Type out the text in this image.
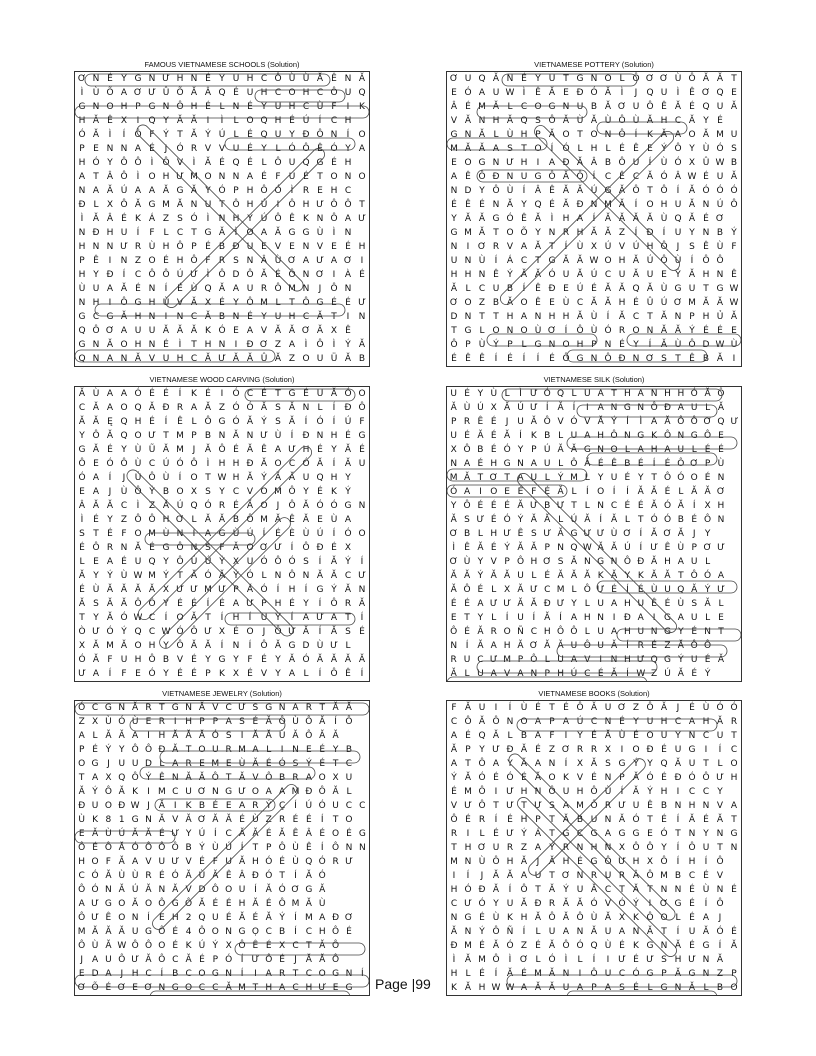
FAMOUS VIETNAMESE SCHOOLS (Solution)
Ơ N É Y G N Ư H N É Y U H C Ô Ù Ù Ă Ê N Ă
Ì	Ù Õ A Ơ Ư Û Õ Ă Â Q É U H C O H C Ô U Q
G N O H P G N Ô H É L N É Y U H C Ù F	I	K
H Ă Ê X	I	Q Y Ă Ă	I	Ì	L O Q H É Ú	Í	C H
Ó Ă	Ì	Í	Ô F Ý T Ă Ý Ú L É Q U Y Đ Ô N	Í	O
P E N N A É	J	Ó R V V U É Y L Ó Ô Ê Ó Y A
H Ó Y Ô Ô	Ì	Ô V	Ì	Ă É Q É L Ô U Q G É H
A T Â Ô	Ì	O H Ư M O N N A É F U É T O N O
N A Ă Ú A A Ă G Ă Y Ó P H Ô Ó	Ì	R E H C
Đ L X Ô Ă G M Ă N U T Ô H Ú	I	Ô H Ư Ô Ô T
Ì	Ă Â É K Á Z S Ó	Ì	N H Y Ú Ô Ê K N Ô A Ư
N Đ H U	Í	F L C T G Ă	Ì	O A Ă G G Ù	Ì	N
H N N Ư R Ù H Ô P É B Đ U E V E N V E É H
P Ê	I	N Z O É H Ô F R S N Â Ù Ơ A Ư A Ơ I
H Y Đ	Í	C Ô Ô Ú Ư Ì	Ô D Ô Ă É Ô N Ơ I	À É
Ù U A Ă É N	Í	É Ù Q Ă A U R Ô M N	J	Ô N
N H	I	Ô G H Ù V Ă X É Y Ô M L T Ô G É É Ư
G C G Ă H N	I	N C Ă B N É Y U H C Ă T	I	N
Q Ô Ơ A U U Ă Ă Ă K Ó E A V Ă Ă Ơ Ă X Ê
G N Ă O H N É	Ì	T H N	I	Đ Ơ Z A	Ì	Ô	Ì	Ý Ă
Q N A N Ă V U H C Ă Ư Ă Ă Û Ă Z O U Ü Ă B
VIETNAMESE POTTERY (Solution)
Ơ U Q Ă N É Y U T G N O L Ô Ơ Ơ Ù Ô Ă Ă T
E Ó A U W Ì	Ê Ă E Đ Ó Ă	Ì	J	Q U	Ì	Ê Ơ Q E
Â É M Ă L C O G N U B Ă Ơ U Ô Ê Ă É Q U Ă
V Ă N H Ă Q S Ô Ă Ù Ă Ù Ô Ù Ă H C Ă Y É
G N Ă L Ù H P Ă O T O N Ô	Í	K Ă A O Ă M U
M Ă Ă A S T O	Í	Ó L H L É Ê E Ý Ô Y Ù Ó S
E O G N Ư H	I	A Đ Ă Â B Ô U	Í	Ù Ó X Û W B
A Ê Ô Đ N U G Ô Ă Ô	Í	C Ê C Ă Ó Â W É U Ă
N D Y Ô Ù	Í	Â Ê Ă Ă Ú G Ă Ô T Ô	Í	Ă Ó Ó Ó
É Ê É N Ă Y Q É Ă Đ N M Ă	Í	O H U Ă N Ú Ô
Y Ă Ă G Ó Ê Ă	Ì	H A	Í	Ă Ă Ă Ă Ù Q Ă É Ơ
G M Ă T O Õ Y N R H Ă Ă Z	Í	Đ	Í	U Y N B Ý
N	I Ơ R V A Ă T	Í	Ù X Ú V Ú H Ô	J	S Ê Ù F
U N Ù	Í	Á C T G Ă Ă W O H Ă Ú Ô Ù	Í	Ô Ô
H H N Ê Ý Ă Ă Ó U Ă Ú C U Ă U E Ý Ă H N Ê
Ă L C U B	Í	Ê Đ E Ú É Ă Ă Q Ă Ù G U T G W
Ơ O Z B Ă O Ê E Ù C Ă Ă H É Û Ú Ơ M Ă Ă W
D N T T H A N H H Ă Ù	Í	Ă C T Ă N P H Ủ Ă
T G L O N O Ù Ơ Í	Ô Ù Ó R O N Ă Ă Ý É É E
Ô P Ù Ý P L G N O H P N É Y	Í	Ă Ù Ô D W Ù
É Ê Ê	Í	É	Í	Í	É Ô G N Ô Đ N Ơ S T Ê B Ă	I
VIETNAMESE WOOD CARVING (Solution)
Ă Ù A A Ó É É	Í	K É	I	Ó C É T G É U Ă Ó O
C Ă A O Q Ă Đ R A Ă Z Ó Ó Ă S Ă N L	Í	Đ Ô
Ă Ă Ę Q H É	Í	Ê L Ô G Ó Ă Ý S Ă	Í	Ó	Í	Ú F
Y Ô Ă Q O Ư T M P B N Ă N Ư Ù	Í	Đ N H É G
G Ă É Y Ù Ũ Ă M J	Ă Ô É Ă Ê A Ư H É Y Ă É
Ô E Ó Ô Ù C Ú Ó Ô	Ì	H H Đ Ă O C Ó Ă	Í	Ă U
Ó A	Í	J	Ú Ô Ù	Í	O T W H Ă Ý Ă Ă U Q H Y
E A	J	Ù Ô Ý B O X S Y C V O M Ô Y É K Ý
Â Ă Ă C	Ì	Z Ă Ú Q Ó R É Ă O	J	Ô Ă Ó Ó G N
Ì	É Y Z Ô Ô H Ơ L Ă Ă B Ô M Ă Ê Ă E Ù A
S T É F O M Ù N	Ì	A G Ù Ú	Í	É È Ù Ú	Í	Ó O
É Ô R N Ă É G Ô N S F Ă O Ơ Ư Í	Ô Đ É X
L E A É U Q Y Ô Ú Ú Ý X U Ó Ô Ó S	Í	Ă Ý	Í
Ă Y Ý Ù W M Ý T Ă Ó Ă Ý Ó L N Ô N Ă Ă C Ư
É Ù Ă Ă Ă Ă X Ư Ư M Ư P Ă Ó	Í	H	Í	G Ý Ă N
Ă S Ă Ă Ô Ô Y É É	Í	É A Ư P H É Y	Í	Ô R Ă
T Y Ă Ó W C	Í	O Ă T	Í	H	Í	U Y	Í	A Ư A T	Í
Ò Ư Ó Ý Q C W Ó Ô Ư X É O	J	Ô Ư Ă	Í	Ă S É
X Ă M Ă O H Y Ô Ă Ă	Í	N	Í	Ô Ă G D Ù Ư L
Ó Ă F U H Ô B V É Y G Y F É Y Ă Ó Ă Ă Ă Ă
Ư A	Í	F E Ó Y É É P K X É V Y A L	Í	Ô Ê	Í
VIETNAMESE SILK (Solution)
U É Y Ù L	Ì Ư Ó Q L U A T H A N H H Ó Ă Ô
Ă Ù Ú X Ă Ú Ư Í Ă Í	I A N G N Ô Đ A U L Ă
P R Ê É	J U Ă Ô V Ó V Ă Ý	Í	Ì A Ă Ô Ô Ơ Q Ư
U É Ă É Ă Í	K B L U A H Ô N G K Ô N G Ô E
X Ô B É Ó Y P Ú Ă Ă G N O L A H A U L É É
N A É H G N A U L Ô Ă É Ê B É	Í	É Ô Ơ P Ù
M Ă T Ơ T A U L Ý M L Y U É Y T Ô Ó O É N
Ó A I O E É F É Ă L	Í O Í	Í Ă Ă É L Ă Ă Ơ
Y Ô É É É Ă Ư B Ư T L N C É É Ă Ó Ă Í X H
Ă S Ư É Ó Ý Ă Ă L Ú Ă Í Ă L T Ó Ó B É Ô N
Ơ B L H Ư Ê S Ư Ă G Ư Ư Ù Ơ Í Ă Ơ Ă J	Y
Ì	Ê Ă É Ý Ă Ă P N Q W Ă Ă Ú Í Ư Ê Ù P Ơ Ư
Ơ Ù Y V P Ô H Ơ S Ă N G N Ô Đ Ă H A U L
Ă Ă Ý Ă Ă U L É Ă Ă Ă K Ă Y K Ă Ă T Ô Ó A
Ă Ô É L X Ă Ư C M L Ô Ư É	Í	É Ù U Q Ă Ý Ư
É É A Ư Ư Ă Ă Đ Ư Y L U A H U Ê É Ù S Ă L
E T Y L	Í U Í Ă Í A H N I Đ A I G A U L E
Ô É Ă R O Ñ C H Ô Ô L U A H U N G Y É N T
N Í Ă A H Ă Ơ Ă Ă U Ô U Ă Í R É Z Ă Ô Ô
R U C Ư M P Ô L U A V I N H Ư Q G Ý U É Ă
Ă L U A V A N P H Ú C É Ă Í W Z Ú Ă É Ý
VIETNAMESE JEWELRY (Solution)
Ó C G N Ă R T G N Ă V C Ư S G N A R T Ă Ă
Z X Ù Ó Ù E R I H P P A S É Ă Ô Ù Ô Ă Í Ô
A L Ă Ă A I H Ă Ă Ă Ó S	I Ă Ă Ù Ă Ô Ă Ă
P É Ý Y Ô Ô Đ Ă T O U R M A L	I N E É Y B
O G J U U D L A R E M E Ù Ă É Ó S Ý É T C
T A X Q Ô Ý Ê N Ă Ă Ô T Ă V Ô B R A O X U
Ă Ý Ô Ă K	I M C U Ơ N G Ư O A A M Đ Ô Ă L
Đ U O Đ W J Ă I	K B É E A R Ý Ç Í Ú Ó U C C
Ù K 8 1 G N Ă V Ă Ơ Ă Ă É Ù Z R É É	Í	T O
E Ă Ù Ú Ă Ă É Ư Y Ú Í C Ă Ă É Ă Ê Â É O É G
Ô É Ô Ă Ó Ô Ô Ô B Ý Ù Ú Í	T P Ô Ù Ê	Í Ô N N
H O F Ă A V U Ư V É F U Ă H Ó É Ù Q Ó R Ư
C Ó Ă Ù Ù R É Ó Ă Ù Ă Ê Â Đ Ó T	Í Ă Ó
Ô Ó N Ă Ú Ă N Ă V D Ô O U Í Ă Ó Ơ G Ă
A Ư G O Ă O Ô G Ô Ă É É H Ă É Ô M Ă Ù
Ô Ư Ê O N Í	E H 2 Q U É Ă É Ă Ý	Í M A Đ Ơ
M Ă Ă Ă U G Ô É 4 Ô O N G Ọ C B Í C H Ô É
Ô Ù Ă W Ô Ô O É K Ú Ý X Ô Ê É X C T Ă Ô
J A U Ô Ư Ă Ô C Ă É P Ó Í Ư Ô É	J Ă Ă Ô
E D A J H C Í B C O G N Í	I A R T C O G N Í
Ơ Õ É Ơ E Ơ N G O C C Ă M T H A C H Ư E G
VIETNAMESE BOOKS (Solution)
F Ă U	I	Í	Ù É T É Ô Ă U Ơ Z Ô Ă	J	É Ù Ó Ó
C Ô Ă Ô N O A P A Ú C N É Y U H C A H Ă R
A É Q Ă L B A F	I	Y É Ă Ù É O U Y N C U T
Ă P Y Ư Đ Ă É Z Ơ R R X	I	O Đ É U G	I	Í	C
A T Ô A Y Ă A N	Í	X Ă S G Ý Y Q Ă U T L O
Ý Ă Ó É Ó É Ă O K V É N P Ă Ó É Đ Ó Ô Ư H
É M Ô	I Ư H N Ô U H Ô Ù	Í	Ă Ý H	I	C C Y
V Ư Ô T Ư T Ư S A M Ô R Ư U Ê B N H N V A
Ô É R	Í	É H P T Ă B U N Ă Ó T É	Í	Ă É Ă T
R	I	L É Ư Ý Á T G C G A G G E Ó T N Y N G
T H Ơ U R Z A Y R N H N X Ô Ô Y	Í	Ô U T N
M N Ù Ô H Ă	J	Ă H É G Ô Ư H X Ô	Í	H	Í	Ô
I	Í	J	Ă Ă A U T Ơ N R U R Â Ô M B C É V
H Ó Đ Ă	Í	Ô T Ă Ý U Ă C T Ă T N N É Ù N É
C Ư Ó Y U Ă Đ R Ă Ă Ó V Ó Ý	I Ơ G É	Í	Ô
N G É Ù K H Ă Ô Ă Ô Ù Ă X K Ô O L É A	J
Ă N Ý Ô Ñ	Í	L U A N Ă U A N Ă T	Í	U Ă Ó É
Đ M É Ă Ó Z É Ă Ô Ó Q Ù É K G N Ă É G	Í	Ă
Ì	Ă M Ô	Ì Ơ L Ó	Ì	L	Í	I Ư É Ư S H Ư N Ă
H L É	Í	Ă É M Ă N	I	Ô U C Ó G P Ă G N Z P
K Ă H W W A Ă Ă U A P A S É L G N Ă L B O
Page |99
